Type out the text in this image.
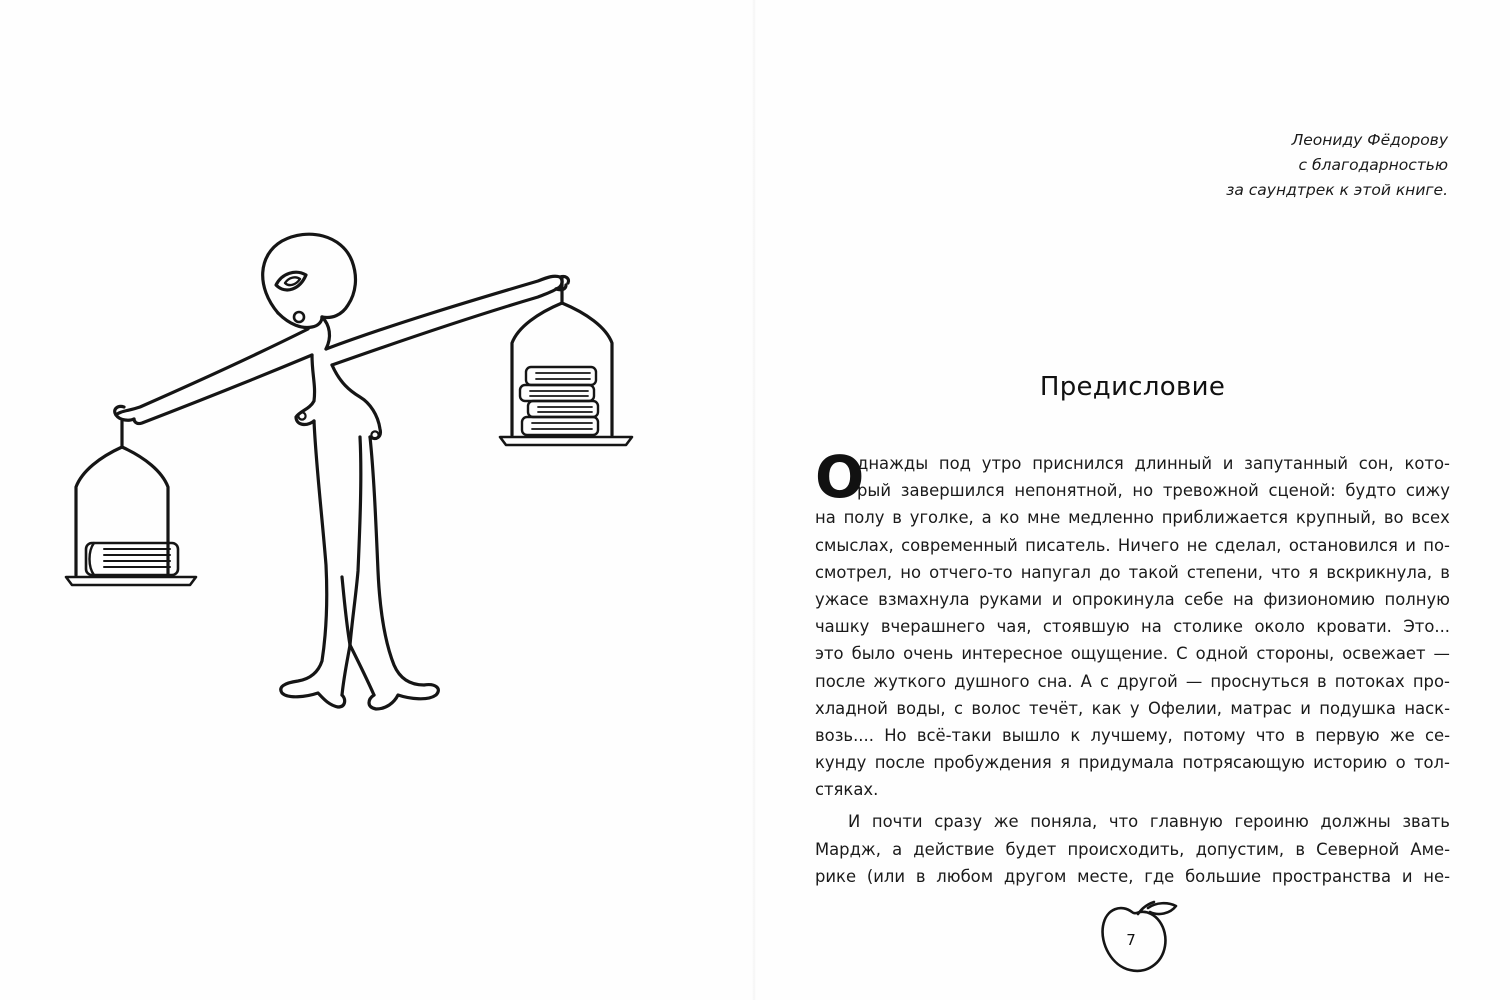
Леониду Фёдорову
с благодарностью
за саундтрек к этой книге.
Предисловие
О
днажды под утро приснился длинный и запутанный сон, кото-
рый завершился непонятной, но тревожной сценой: будто сижу
на полу в уголке, а ко мне медленно приближается крупный, во всех
смыслах, современный писатель. Ничего не сделал, остановился и по-
смотрел, но отчего-то напугал до такой степени, что я вскрикнула, в
ужасе взмахнула руками и опрокинула себе на физиономию полную
чашку вчерашнего чая, стоявшую на столике около кровати. Это...
это было очень интересное ощущение. С одной стороны, освежает —
после жуткого душного сна. А с другой — проснуться в потоках про-
хладной воды, с волос течёт, как у Офелии, матрас и подушка наск-
возь.... Но всё-таки вышло к лучшему, потому что в первую же се-
кунду после пробуждения я придумала потрясающую историю о тол-
стяках.
И почти сразу же поняла, что главную героиню должны звать
Мардж, а действие будет происходить, допустим, в Северной Аме-
рике (или в любом другом месте, где большие пространства и не-
7
